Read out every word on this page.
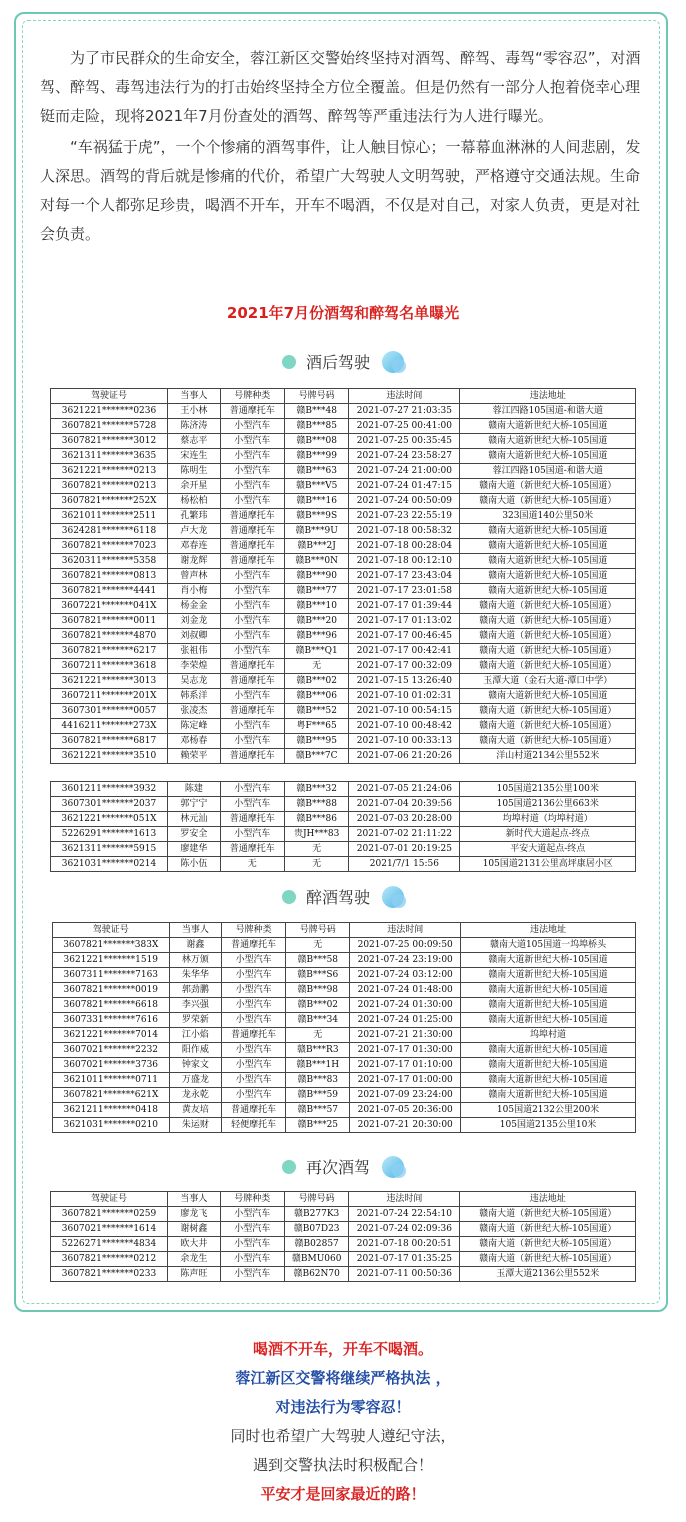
为了市民群众的生命安全，蓉江新区交警始终坚持对酒驾、醉驾、毒驾“零容忍”，对酒驾、醉驾、毒驾违法行为的打击始终坚持全方位全覆盖。但是仍然有一部分人抱着侥幸心理铤而走险，现将2021年7月份查处的酒驾、醉驾等严重违法行为人进行曝光。

“车祸猛于虎”，一个个惨痛的酒驾事件，让人触目惊心；一幕幕血淋淋的人间悲剧，发人深思。酒驾的背后就是惨痛的代价，希望广大驾驶人文明驾驶，严格遵守交通法规。生命对每一个人都弥足珍贵，喝酒不开车，开车不喝酒，不仅是对自己，对家人负责，更是对社会负责。

2021年7月份酒驾和醉驾名单曝光
酒后驾驶
驾驶证号	当事人	号牌种类	号牌号码	违法时间	违法地址
3621221*******0236	王小林	普通摩托车	赣B***48	2021-07-27 21:03:35	蓉江四路105国道-和谐大道
3607821*******5728	陈济涛	小型汽车	赣B***85	2021-07-25 00:41:00	赣南大道新世纪大桥-105国道
3607821*******3012	蔡志平	小型汽车	赣B***08	2021-07-25 00:35:45	赣南大道新世纪大桥-105国道
3621311*******3635	宋连生	小型汽车	赣B***99	2021-07-24 23:58:27	赣南大道新世纪大桥-105国道
3621221*******0213	陈明生	小型汽车	赣B***63	2021-07-24 21:00:00	蓉江四路105国道-和谐大道
3607821*******0213	余开星	小型汽车	赣B***V5	2021-07-24 01:47:15	赣南大道（新世纪大桥-105国道）
3607821*******252X	杨松柏	小型汽车	赣B***16	2021-07-24 00:50:09	赣南大道（新世纪大桥-105国道）
3621011*******2511	孔繁玮	普通摩托车	赣B***9S	2021-07-23 22:55:19	323国道140公里50米
3624281*******6118	卢大龙	普通摩托车	赣B***9U	2021-07-18 00:58:32	赣南大道新世纪大桥-105国道
3607821*******7023	邓春连	普通摩托车	赣B***2J	2021-07-18 00:28:04	赣南大道新世纪大桥-105国道
3620311*******5358	谢龙辉	普通摩托车	赣B***0N	2021-07-18 00:12:10	赣南大道新世纪大桥-105国道
3607821*******0813	曾声林	小型汽车	赣B***90	2021-07-17 23:43:04	赣南大道新世纪大桥-105国道
3607821*******4441	肖小梅	小型汽车	赣B***77	2021-07-17 23:01:58	赣南大道新世纪大桥-105国道
3607221*******041X	杨金金	小型汽车	赣B***10	2021-07-17 01:39:44	赣南大道（新世纪大桥-105国道）
3607821*******0011	刘金龙	小型汽车	赣B***20	2021-07-17 01:13:02	赣南大道（新世纪大桥-105国道）
3607821*******4870	刘叔卿	小型汽车	赣B***96	2021-07-17 00:46:45	赣南大道（新世纪大桥-105国道）
3607821*******6217	张祖伟	小型汽车	赣B***Q1	2021-07-17 00:42:41	赣南大道（新世纪大桥-105国道）
3607211*******3618	李荣煌	普通摩托车	无	2021-07-17 00:32:09	赣南大道（新世纪大桥-105国道）
3621221*******3013	吴志龙	普通摩托车	赣B***02	2021-07-15 13:26:40	玉潭大道（金石大道-潭口中学）
3607211*******201X	韩系洋	小型汽车	赣B***06	2021-07-10 01:02:31	赣南大道新世纪大桥-105国道
3607301*******0057	张凌杰	普通摩托车	赣B***52	2021-07-10 00:54:15	赣南大道（新世纪大桥-105国道）
4416211*******273X	陈定峰	小型汽车	粤F***65	2021-07-10 00:48:42	赣南大道（新世纪大桥-105国道）
3607821*******6817	邓杨春	小型汽车	赣B***95	2021-07-10 00:33:13	赣南大道（新世纪大桥-105国道）
3621221*******3510	赖荣平	普通摩托车	赣B***7C	2021-07-06 21:20:26	洋山村道2134公里552米
3601211*******3932	陈建	小型汽车	赣B***32	2021-07-05 21:24:06	105国道2135公里100米
3607301*******2037	郭宁宁	小型汽车	赣B***88	2021-07-04 20:39:56	105国道2136公里663米
3621221*******051X	林元汕	普通摩托车	赣B***86	2021-07-03 20:28:00	均埠村道（均埠村道）
5226291*******1613	罗安全	小型汽车	贵JH***83	2021-07-02 21:11:22	新时代大道起点-终点
3621311*******5915	廖建华	普通摩托车	无	2021-07-01 20:19:25	平安大道起点-终点
3621031*******0214	陈小伍	无	无	2021/7/1 15:56	105国道2131公里高坪康居小区
醉酒驾驶
驾驶证号	当事人	号牌种类	号牌号码	违法时间	违法地址
3607821*******383X	谢鑫	普通摩托车	无	2021-07-25 00:09:50	赣南大道105国道一坞埠桥头
3621221*******1519	林万颁	小型汽车	赣B***58	2021-07-24 23:19:00	赣南大道新世纪大桥-105国道
3607311*******7163	朱华华	小型汽车	赣B***S6	2021-07-24 03:12:00	赣南大道新世纪大桥-105国道
3607821*******0019	郭劲鹏	小型汽车	赣B***98	2021-07-24 01:48:00	赣南大道新世纪大桥-105国道
3607821*******6618	李兴强	小型汽车	赣B***02	2021-07-24 01:30:00	赣南大道新世纪大桥-105国道
3607331*******7616	罗荣新	小型汽车	赣B***34	2021-07-24 01:25:00	赣南大道新世纪大桥-105国道
3621221*******7014	江小焰	普通摩托车	无	2021-07-21 21:30:00	坞埠村道
3607021*******2232	阳作威	小型汽车	赣B***R3	2021-07-17 01:30:00	赣南大道新世纪大桥-105国道
3607021*******3736	钟家文	小型汽车	赣B***1H	2021-07-17 01:10:00	赣南大道新世纪大桥-105国道
3621011*******0711	万盛龙	小型汽车	赣B***83	2021-07-17 01:00:00	赣南大道新世纪大桥-105国道
3607821*******621X	龙永乾	小型汽车	赣B***59	2021-07-09 23:24:00	赣南大道新世纪大桥-105国道
3621211*******0418	黄友培	普通摩托车	赣B***57	2021-07-05 20:36:00	105国道2132公里200米
3621031*******0210	朱运财	轻便摩托车	赣B***25	2021-07-21 20:30:00	105国道2135公里10米
再次酒驾
驾驶证号	当事人	号牌种类	号牌号码	违法时间	违法地址
3607821*******0259	廖龙飞	小型汽车	赣B277K3	2021-07-24 22:54:10	赣南大道（新世纪大桥-105国道）
3607021*******1614	谢树鑫	小型汽车	赣B07D23	2021-07-24 02:09:36	赣南大道（新世纪大桥-105国道）
5226271*******4834	欧大井	小型汽车	赣B02857	2021-07-18 00:20:51	赣南大道（新世纪大桥-105国道）
3607821*******0212	余龙生	小型汽车	赣BMU060	2021-07-17 01:35:25	赣南大道（新世纪大桥-105国道）
3607821*******0233	陈声旺	小型汽车	赣B62N70	2021-07-11 00:50:36	玉潭大道2136公里552米
喝酒不开车，开车不喝酒。
蓉江新区交警将继续严格执法 ，
对违法行为零容忍！
同时也希望广大驾驶人遵纪守法，
遇到交警执法时积极配合！
平安才是回家最近的路！
